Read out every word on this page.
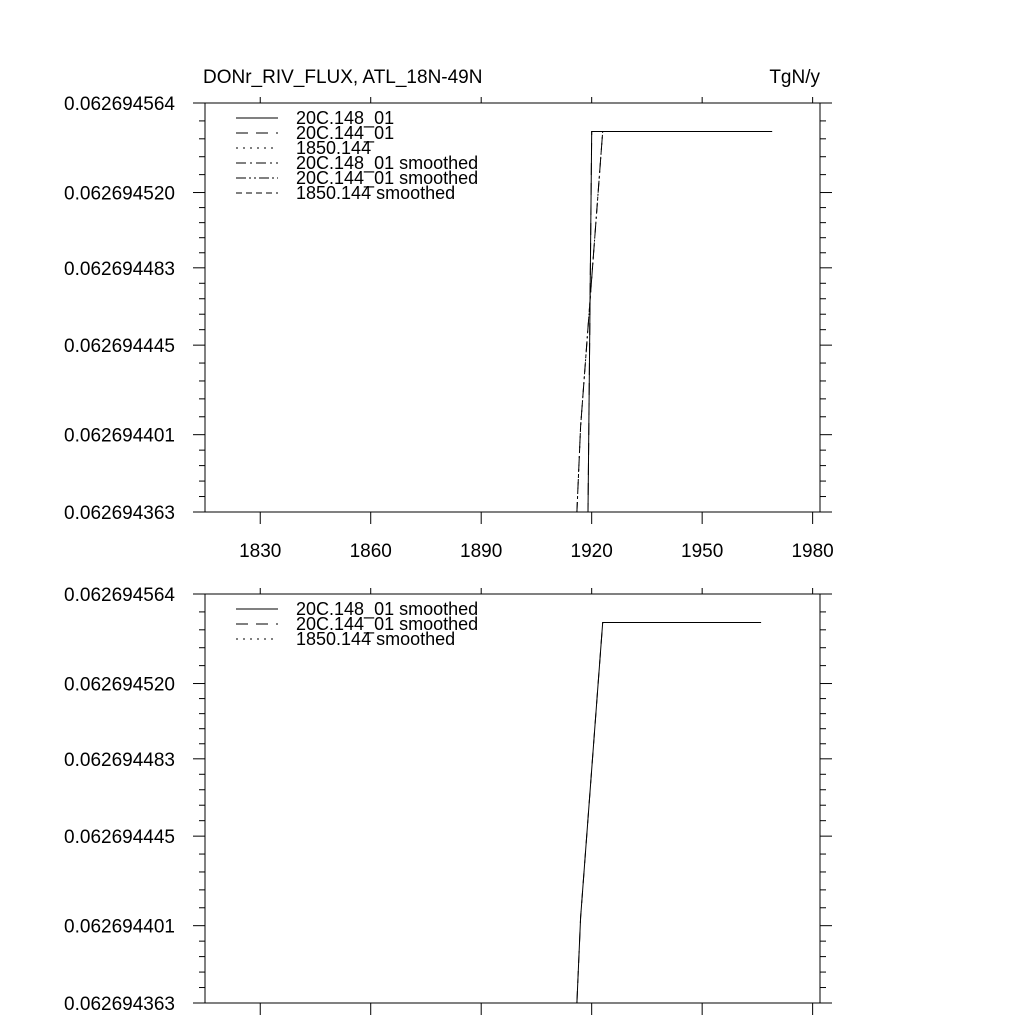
DONr_RIV_FLUX, ATL_18N-49N	TgN/y
1830	1860	1890	1920	1950	1980
0.062694564
0.062694520
0.062694483
0.062694445
0.062694401
0.062694363
20C.148_01
20C.144_01
1850.144
20C.148_01 smoothed
20C.144_01 smoothed
1850.144 smoothed
0.062694564
0.062694520
0.062694483
0.062694445
0.062694401
0.062694363
20C.148_01 smoothed
20C.144_01 smoothed
1850.144 smoothed
